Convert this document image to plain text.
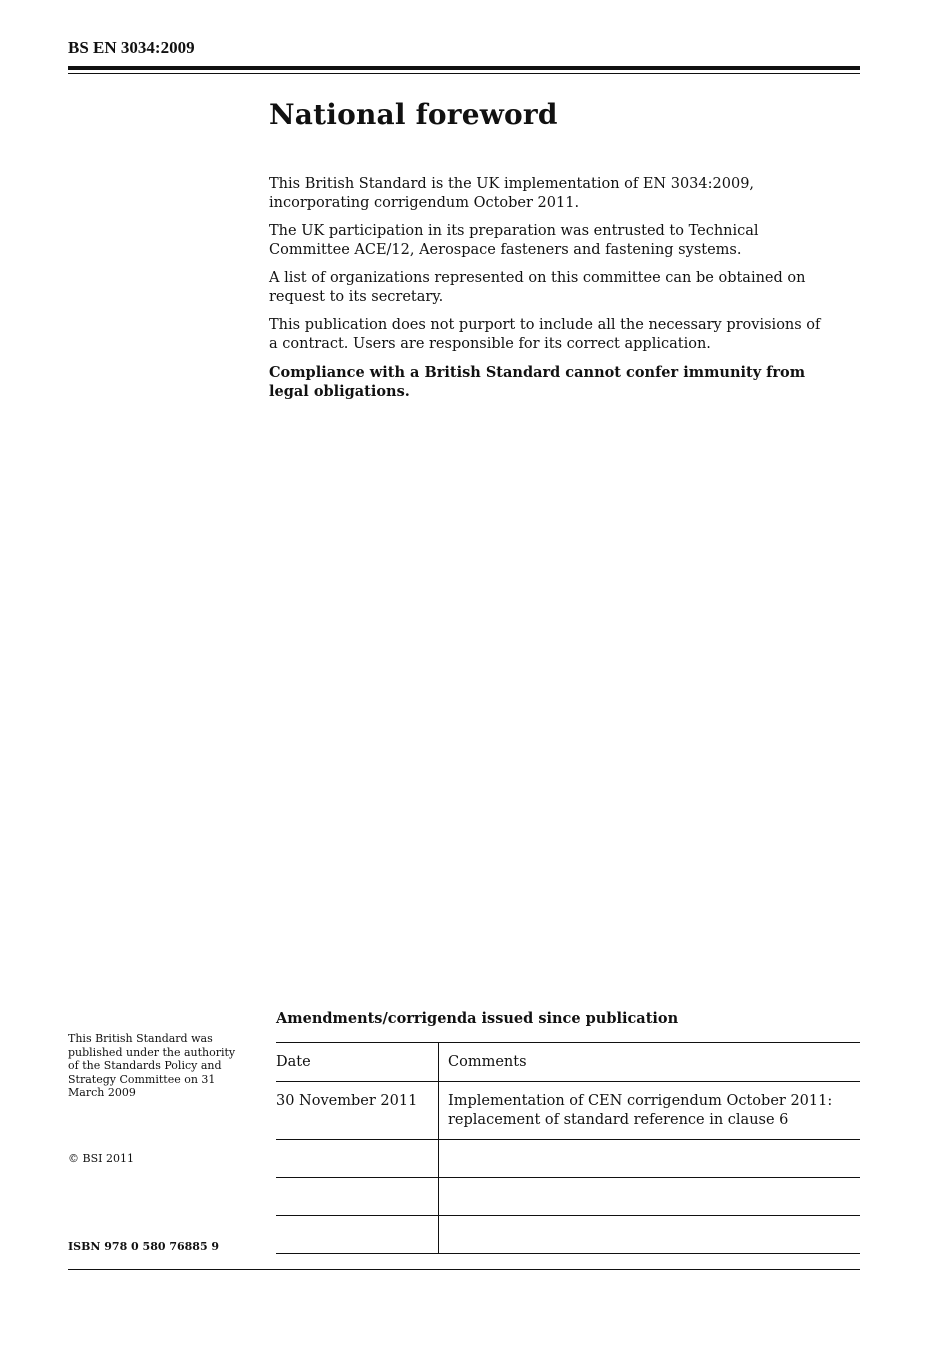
BS EN 3034:2009
National foreword

This British Standard is the UK implementation of EN 3034:2009, incorporating corrigendum October 2011.

The UK participation in its preparation was entrusted to Technical Committee ACE/12, Aerospace fasteners and fastening systems.

A list of organizations represented on this committee can be obtained on request to its secretary.

This publication does not purport to include all the necessary provisions of a contract. Users are responsible for its correct application.

Compliance with a British Standard cannot confer immunity from legal obligations.

Amendments/corrigenda issued since publication
Date	Comments
30 November 2011	Implementation of CEN corrigendum October 2011: replacement of standard reference in clause 6

This British Standard was published under the authority of the Standards Policy and Strategy Committee on 31 March 2009
© BSI 2011
ISBN 978 0 580 76885 9
